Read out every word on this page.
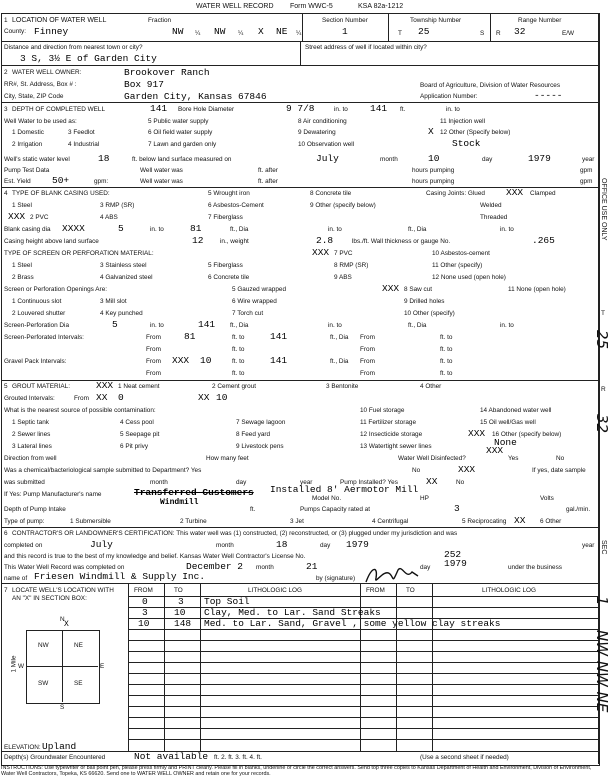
WATER WELL RECORD Form WWC-5	KSA 82a-1212
1 LOCATION OF WATER WELL
County: Finney
Fraction
NW ¼ NW ¼ X NE ¼
Section Number
1
Township Number
T 25	S
Range Number
R 32	E/W
Distance and direction from nearest town or city?
3 S, 3½ E of Garden City
Street address of well if located within city?
2 WATER WELL OWNER:	Brookover Ranch
RR#, St. Address, Box # :	Box 917
City, State, ZIP Code	Garden City, Kansas 67846
Board of Agriculture, Division of Water Resources
Application Number:	-----
3 DEPTH OF COMPLETED WELL	141 Bore Hole Diameter	9 7/8	in. to 141 ft.	in. to
Well Water to be used as:
1 Domestic
2 Irrigation
3 Feedlot
4 Industrial
5 Public water supply
6 Oil field water supply
7 Lawn and garden only
8 Air conditioning
9 Dewatering
10 Observation well
11 Injection well
12 Other (Specify below)
X
Stock
Well's static water level	18	ft. below land surface measured on	July	month	10	day	1979	year
Pump Test Data	Well water was	ft. after	hours pumping	gpm
Est. Yield 50+	gpm:	Well water was	ft. after	hours pumping	gpm
4 TYPE OF BLANK CASING USED:
1 Steel
XXX 2 PVC
3 RMP (SR)
4 ABS
5 Wrought iron
6 Asbestos-Cement
7 Fiberglass
8 Concrete tile
9 Other (specify below)
Casing Joints: Glued XXX Clamped
Welded
Threaded
Blank casing dia XXXX	5	in. to	81	ft., Dia	in. to	ft., Dia	in. to
Casing height above land surface	12	in., weight	2.8	lbs./ft. Wall thickness or gauge No.	.265
TYPE OF SCREEN OR PERFORATION MATERIAL:	XXX
1 Steel
2 Brass
3 Stainless steel
4 Galvanized steel
5 Fiberglass
6 Concrete tile
7 PVC
8 RMP (SR)
9 ABS
10 Asbestos-cement
11 Other (specify)
12 None used (open hole)
Screen or Perforation Openings Are:
1 Continuous slot
2 Louvered shutter
3 Mill slot
4 Key punched
5 Gauzed wrapped
6 Wire wrapped
7 Torch cut
XXX 8 Saw cut
9 Drilled holes
10 Other (specify)
11 None (open hole)
Screen-Perforation Dia	5	in. to	141 ft., Dia	in. to	ft., Dia	in. to
Screen-Perforated Intervals:	From 81	ft. to	141	ft., Dia From	ft. to
From	ft. to	From	ft. to
Gravel Pack Intervals:	From XXX 10	ft. to	141	ft., Dia From	ft. to
From	ft. to	From	ft. to
5 GROUT MATERIAL:	XXX 1 Neat cement	2 Cement grout	3 Bentonite	4 Other
Grouted Intervals:	From XX 0	XX 10
What is the nearest source of possible contamination:
1 Septic tank
2 Sewer lines
3 Lateral lines
4 Cess pool
5 Seepage pit
6 Pit privy
7 Sewage lagoon
8 Feed yard
9 Livestock pens
10 Fuel storage
11 Fertilizer storage
12 Insecticide storage
13 Watertight sewer lines
14 Abandoned water well
15 Oil well/Gas well
XXX 16 Other (specify below)
None
Direction from well	How many feet	Water Well Disinfected?
XXX
Yes	No
Was a chemical/bacteriological sample submitted to Department? Yes	No	XXX	If yes, date sample
was submitted	month	day	year	Pump Installed? Yes	XX	No
If Yes: Pump Manufacturer's name	Transferred Customers Installed 8' Aermotor Mill
Windmill	Model No.	HP	Volts
Depth of Pump Intake	ft.	Pumps Capacity rated at	3	gal./min.
Type of pump:	1 Submersible	2 Turbine	3 Jet	4 Centrifugal	5 Reciprocating XX 6 Other
6 CONTRACTOR'S OR LANDOWNER'S CERTIFICATION: This water well was (1) constructed, (2) reconstructed, or (3) plugged under my jurisdiction and was
completed on	July	month	18	day 1979	year
and this record is true to the best of my knowledge and belief. Kansas Water Well Contractor's License No.	252
This Water Well Record was completed on	December 2 month	21	day 1979	under the business
name of Friesen Windmill & Supply Inc.	by (signature)
7 LOCATE WELL'S LOCATION WITH AN "X" IN SECTION BOX:
FROM	TO	LITHOLOGIC LOG	FROM	TO	LITHOLOGIC LOG
0	3 Top Soil
3	10 Clay, Med. to Lar. Sand Streaks
10	148 Med. to Lar. Sand, Gravel , some yellow clay streaks
N
X
NW	NE
SW	SE
W	E
S
1 Mile
ELEVATION: Upland
Depth(s) Groundwater Encountered	Not available ft. 2. ft. 3. ft. 4. ft.	(Use a second sheet if needed)
INSTRUCTIONS: Use typewriter or ball point pen, please press firmly and PRINT clearly. Please fill in blanks, underline or circle the correct answers. Send top three copies to Kansas Department of Health and Environment, Division of Environment, Water Well Contractors, Topeka, KS 66620. Send one to WATER WELL OWNER and retain one for your records.
OFFICE USE ONLY
T
R
SEC
25
32
1
NW NW NE
